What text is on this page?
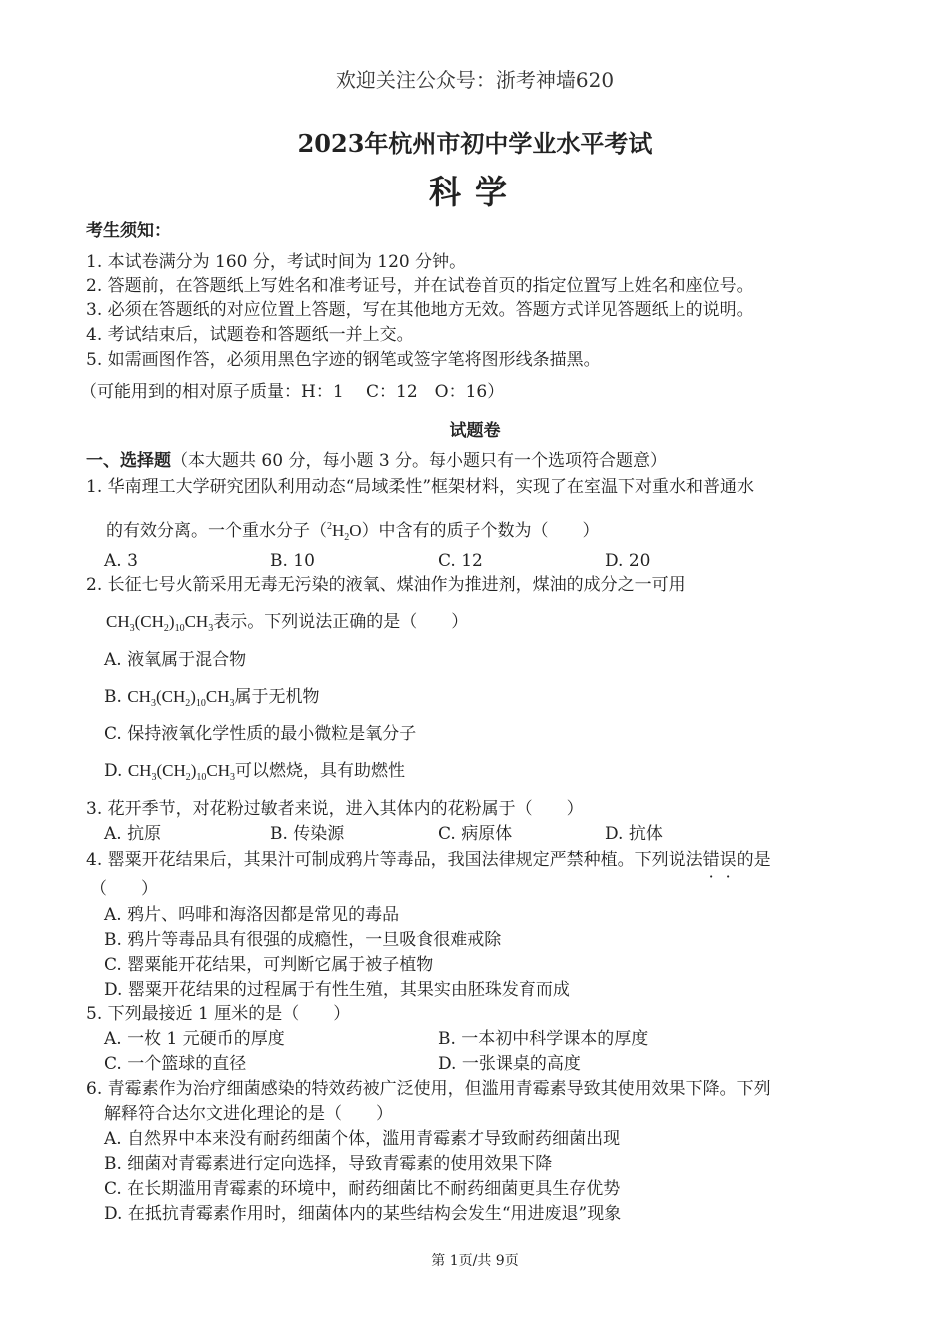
欢迎关注公众号：浙考神墙620
2023年杭州市初中学业水平考试
科学
考生须知：
1. 本试卷满分为 160 分，考试时间为 120 分钟。
2. 答题前，在答题纸上写姓名和准考证号，并在试卷首页的指定位置写上姓名和座位号。
3. 必须在答题纸的对应位置上答题，写在其他地方无效。答题方式详见答题纸上的说明。
4. 考试结束后，试题卷和答题纸一并上交。
5. 如需画图作答，必须用黑色字迹的钢笔或签字笔将图形线条描黑。
（可能用到的相对原子质量：H：1　 C：12　O：16）
试题卷
一、选择题（本大题共 60 分，每小题 3 分。每小题只有一个选项符合题意）
1. 华南理工大学研究团队利用动态“局域柔性”框架材料，实现了在室温下对重水和普通水
的有效分离。一个重水分子$(^2H_2O)$中含有的质子个数为（　　）
A. 3	B. 10	C. 12	D. 20
2. 长征七号火箭采用无毒无污染的液氧、煤油作为推进剂，煤油的成分之一可用
$CH_3(CH_2)_{10}CH_3$表示。下列说法正确的是（　　）
A. 液氧属于混合物
B. $CH_3(CH_2)_{10}CH_3$属于无机物
C. 保持液氧化学性质的最小微粒是氧分子
D. $CH_3(CH_2)_{10}CH_3$可以燃烧，具有助燃性
3. 花开季节，对花粉过敏者来说，进入其体内的花粉属于（　　）
A. 抗原	B. 传染源	C. 病原体	D. 抗体
4. 罂粟开花结果后，其果汁可制成鸦片等毒品，我国法律规定严禁种植。下列说法错误的是
（　　）
A. 鸦片、吗啡和海洛因都是常见的毒品
B. 鸦片等毒品具有很强的成瘾性，一旦吸食很难戒除
C. 罂粟能开花结果，可判断它属于被子植物
D. 罂粟开花结果的过程属于有性生殖，其果实由胚珠发育而成
5. 下列最接近 1 厘米的是（　　）
A. 一枚 1 元硬币的厚度	B. 一本初中科学课本的厚度
C. 一个篮球的直径	D. 一张课桌的高度
6. 青霉素作为治疗细菌感染的特效药被广泛使用，但滥用青霉素导致其使用效果下降。下列
解释符合达尔文进化理论的是（　　）
A. 自然界中本来没有耐药细菌个体，滥用青霉素才导致耐药细菌出现
B. 细菌对青霉素进行定向选择，导致青霉素的使用效果下降
C. 在长期滥用青霉素的环境中，耐药细菌比不耐药细菌更具生存优势
D. 在抵抗青霉素作用时，细菌体内的某些结构会发生“用进废退”现象
第 1页/共 9页
